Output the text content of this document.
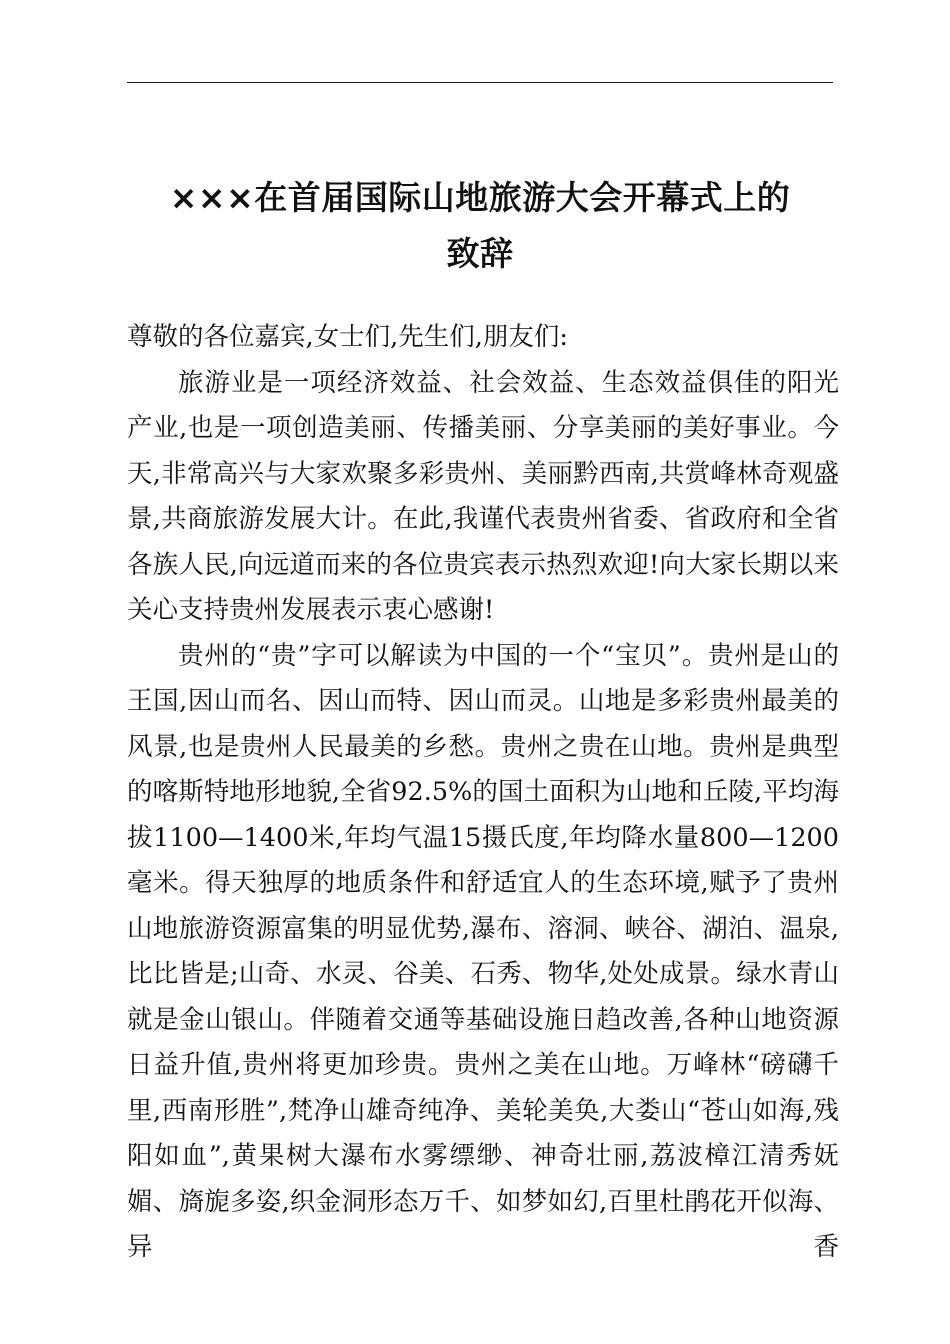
×××在首届国际山地旅游大会开幕式上的
致辞

尊敬的各位嘉宾,女士们,先生们,朋友们:

旅游业是一项经济效益、社会效益、生态效益俱佳的阳光产业,也是一项创造美丽、传播美丽、分享美丽的美好事业。今天,非常高兴与大家欢聚多彩贵州、美丽黔西南,共赏峰林奇观盛景,共商旅游发展大计。在此,我谨代表贵州省委、省政府和全省各族人民,向远道而来的各位贵宾表示热烈欢迎!向大家长期以来关心支持贵州发展表示衷心感谢!

贵州的“贵”字可以解读为中国的一个“宝贝”。贵州是山的王国,因山而名、因山而特、因山而灵。山地是多彩贵州最美的风景,也是贵州人民最美的乡愁。贵州之贵在山地。贵州是典型的喀斯特地形地貌,全省92.5%的国土面积为山地和丘陵,平均海拔1100—1400米,年均气温15摄氏度,年均降水量800—1200毫米。得天独厚的地质条件和舒适宜人的生态环境,赋予了贵州山地旅游资源富集的明显优势,瀑布、溶洞、峡谷、湖泊、温泉,比比皆是;山奇、水灵、谷美、石秀、物华,处处成景。绿水青山就是金山银山。伴随着交通等基础设施日趋改善,各种山地资源日益升值,贵州将更加珍贵。贵州之美在山地。万峰林“磅礴千里,西南形胜”,梵净山雄奇纯净、美轮美奂,大娄山“苍山如海,残阳如血”,黄果树大瀑布水雾缥缈、神奇壮丽,荔波樟江清秀妩媚、旖旎多姿,织金洞形态万千、如梦如幻,百里杜鹃花开似海、异香
